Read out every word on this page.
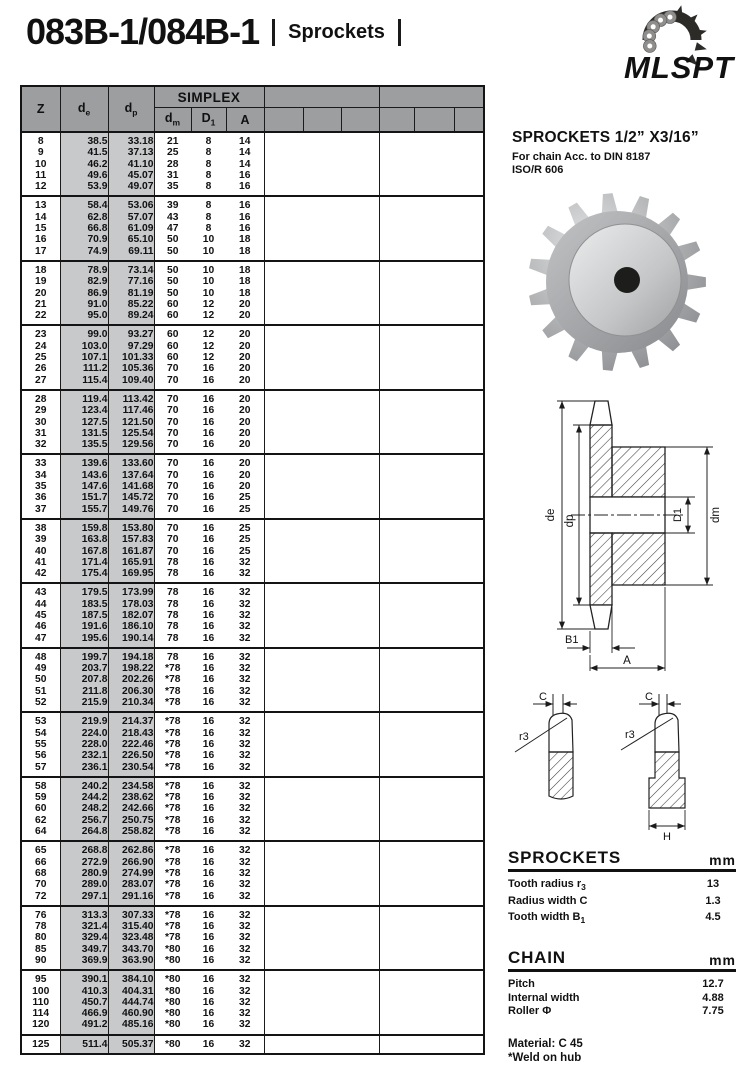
083B-1/084B-1 Sprockets
MLSPT
Z	$d_e$	$d_p$	SIMPLEX								
			$d_m$	$D_1$	A						
8	38.5	33.18	21	8	14						
9	41.5	37.13	25	8	14						
10	46.2	41.10	28	8	14						
11	49.6	45.07	31	8	16						
12	53.9	49.07	35	8	16						
13	58.4	53.06	39	8	16						
14	62.8	57.07	43	8	16						
15	66.8	61.09	47	8	16						
16	70.9	65.10	50	10	18						
17	74.9	69.11	50	10	18						
18	78.9	73.14	50	10	18						
19	82.9	77.16	50	10	18						
20	86.9	81.19	50	10	18						
21	91.0	85.22	60	12	20						
22	95.0	89.24	60	12	20						
23	99.0	93.27	60	12	20						
24	103.0	97.29	60	12	20						
25	107.1	101.33	60	12	20						
26	111.2	105.36	70	16	20						
27	115.4	109.40	70	16	20						
28	119.4	113.42	70	16	20						
29	123.4	117.46	70	16	20						
30	127.5	121.50	70	16	20						
31	131.5	125.54	70	16	20						
32	135.5	129.56	70	16	20						
33	139.6	133.60	70	16	20						
34	143.6	137.64	70	16	20						
35	147.6	141.68	70	16	20						
36	151.7	145.72	70	16	25						
37	155.7	149.76	70	16	25						
38	159.8	153.80	70	16	25						
39	163.8	157.83	70	16	25						
40	167.8	161.87	70	16	25						
41	171.4	165.91	78	16	32						
42	175.4	169.95	78	16	32						
43	179.5	173.99	78	16	32						
44	183.5	178.03	78	16	32						
45	187.5	182.07	78	16	32						
46	191.6	186.10	78	16	32						
47	195.6	190.14	78	16	32						
48	199.7	194.18	78	16	32						
49	203.7	198.22	*78	16	32						
50	207.8	202.26	*78	16	32						
51	211.8	206.30	*78	16	32						
52	215.9	210.34	*78	16	32						
53	219.9	214.37	*78	16	32						
54	224.0	218.43	*78	16	32						
55	228.0	222.46	*78	16	32						
56	232.1	226.50	*78	16	32						
57	236.1	230.54	*78	16	32						
58	240.2	234.58	*78	16	32						
59	244.2	238.62	*78	16	32						
60	248.2	242.66	*78	16	32						
62	256.7	250.75	*78	16	32						
64	264.8	258.82	*78	16	32						
65	268.8	262.86	*78	16	32						
66	272.9	266.90	*78	16	32						
68	280.9	274.99	*78	16	32						
70	289.0	283.07	*78	16	32						
72	297.1	291.16	*78	16	32						
76	313.3	307.33	*78	16	32						
78	321.4	315.40	*78	16	32						
80	329.4	323.48	*78	16	32						
85	349.7	343.70	*80	16	32						
90	369.9	363.90	*80	16	32						
95	390.1	384.10	*80	16	32						
100	410.3	404.31	*80	16	32						
110	450.7	444.74	*80	16	32						
114	466.9	460.90	*80	16	32						
120	491.2	485.16	*80	16	32						
125	511.4	505.37	*80	16	32						
SPROCKETS 1/2” X3/16”
For chain Acc. to DIN 8187
ISO/R 606
de dp	D1 dm
B1
A
C
r3
C
r3
H
SPROCKETS	mm
Tooth radius $r_3$	13
Radius width C	1.3
Tooth width $B_1$	4.5
CHAIN	mm
Pitch	12.7
Internal width	4.88
Roller Φ	7.75
Material: C 45
*Weld on hub
